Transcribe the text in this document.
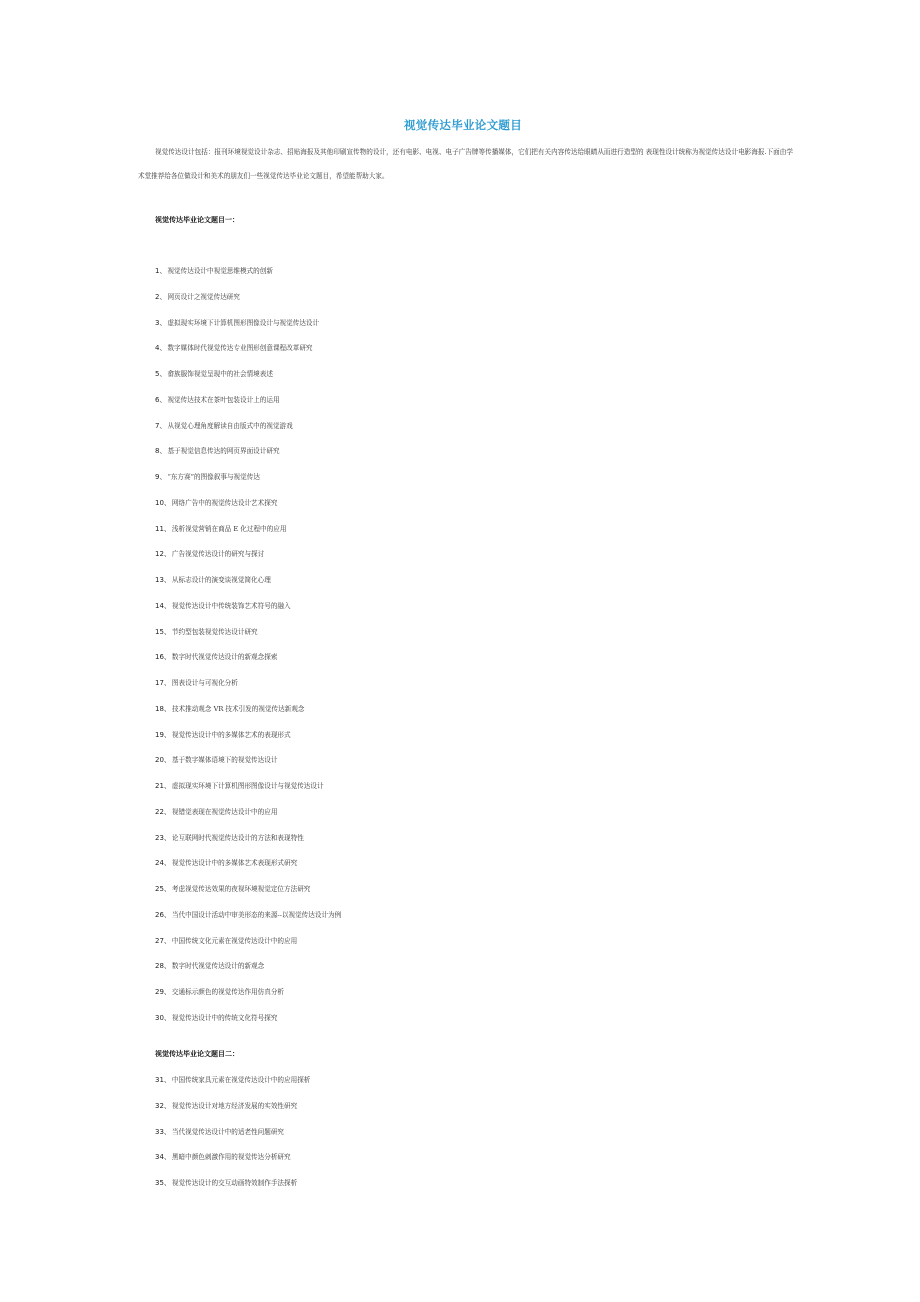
视觉传达毕业论文题目
视觉传达设计包括：报刊环境视觉设计杂志、招贴海报及其他印刷宣传物的设计，还有电影、电视、电子广告牌等传播媒体，它们把有关内容传达给眼睛从而进行造型的 表现性设计统称为视觉传达设计电影海报.下面由学术堂推荐给各位做设计和美术的朋友们一些视觉传达毕业论文题目，希望能帮助大家。
视觉传达毕业论文题目一：
1、视觉传达设计中视觉思维模式的创新
2、网页设计之视觉传达研究
3、虚拟现实环境下计算机图形图像设计与视觉传达设计
4、数字媒体时代视觉传达专业图形创意课程改革研究
5、畲族服饰视觉呈现中的社会情境表述
6、视觉传达技术在茶叶包装设计上的运用
7、从视觉心理角度解读自由版式中的视觉游戏
8、基于视觉信息传达的网页界面设计研究
9、“东方赛”的图像叙事与视觉传达
10、网络广告中的视觉传达设计艺术探究
11、浅析视觉营销在商品 E 化过程中的应用
12、广告视觉传达设计的研究与探讨
13、从标志设计的演变谈视觉简化心理
14、视觉传达设计中传统装饰艺术符号的融入
15、节约型包装视觉传达设计研究
16、数字时代视觉传达设计的新观念探索
17、图表设计与可视化分析
18、技术推动观念 VR 技术引发的视觉传达新观念
19、视觉传达设计中的多媒体艺术的表现形式
20、基于数字媒体语境下的视觉传达设计
21、虚拟现实环境下计算机图形图像设计与视觉传达设计
22、视错觉表现在视觉传达设计中的应用
23、论互联网时代视觉传达设计的方法和表现特性
24、视觉传达设计中的多媒体艺术表现形式研究
25、考虑视觉传达效果的夜视环境视觉定位方法研究
26、当代中国设计活动中审美形态的来源--以视觉传达设计为例
27、中国传统文化元素在视觉传达设计中的应用
28、数字时代视觉传达设计的新观念
29、交通标示颜色的视觉传达作用仿真分析
30、视觉传达设计中的传统文化符号探究
视觉传达毕业论文题目二：
31、中国传统家具元素在视觉传达设计中的应用探析
32、视觉传达设计对地方经济发展的实效性研究
33、当代视觉传达设计中的适老性问题研究
34、黑暗中颜色刺激作用的视觉传达分析研究
35、视觉传达设计的交互动画特效制作手法探析
